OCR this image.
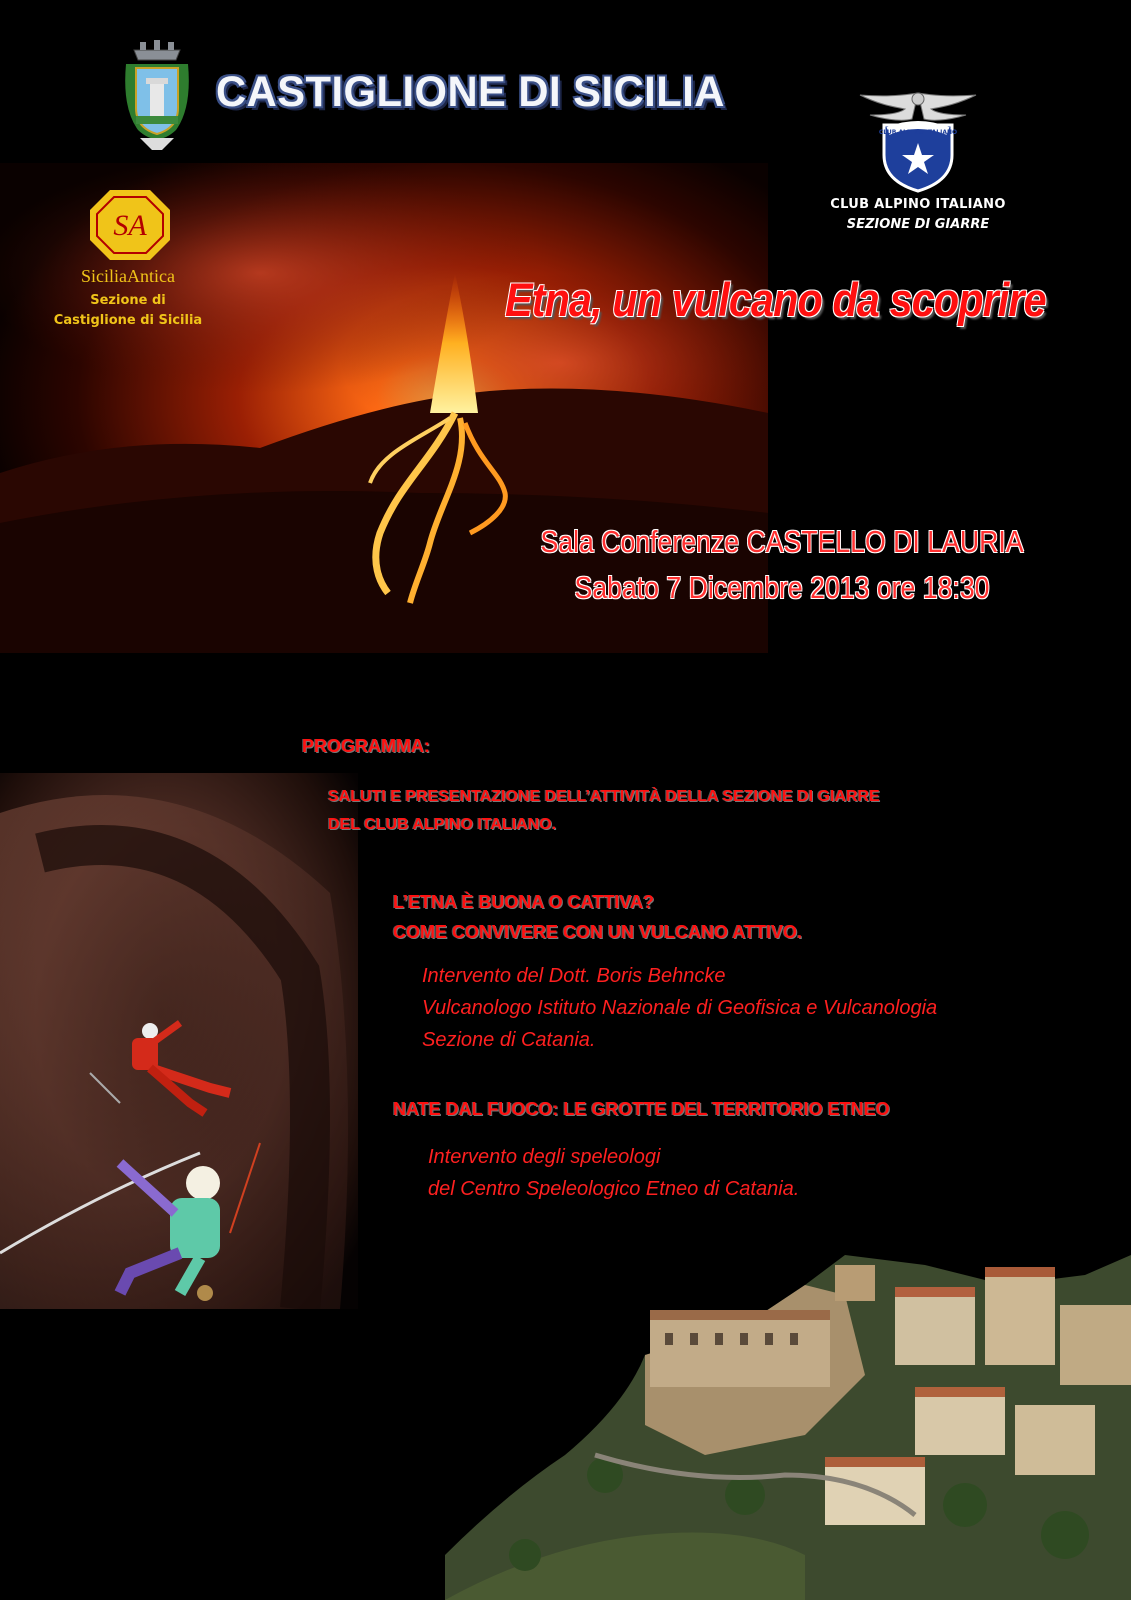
CASTIGLIONE DI SICILIA
SA
SiciliaAntica
Sezione di
Castiglione di Sicilia
CLUB ALPINO ITALIANO
CLUB ALPINO ITALIANO
SEZIONE DI GIARRE
Etna, un vulcano da scoprire
Sala Conferenze CASTELLO DI LAURIA
Sabato 7 Dicembre 2013 ore 18:30
PROGRAMMA:
SALUTI E PRESENTAZIONE DELL’ATTIVITÀ DELLA SEZIONE DI GIARRE
DEL CLUB ALPINO ITALIANO.
L’ETNA È BUONA O CATTIVA?
COME CONVIVERE CON UN VULCANO ATTIVO.
Intervento del Dott. Boris Behncke
Vulcanologo Istituto Nazionale di Geofisica e Vulcanologia
Sezione di Catania.
NATE DAL FUOCO: LE GROTTE DEL TERRITORIO ETNEO
Intervento degli speleologi
del Centro Speleologico Etneo di Catania.
